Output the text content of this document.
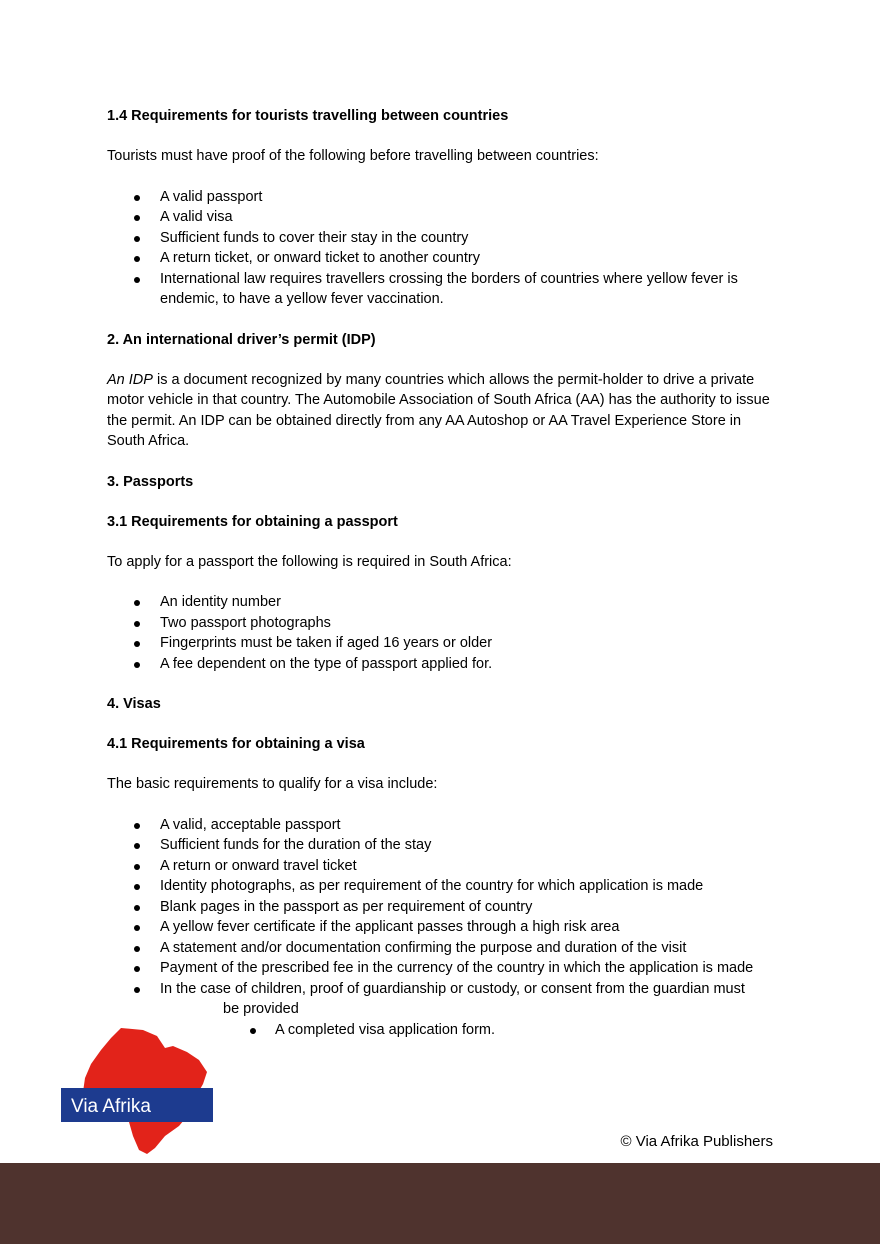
1.4 Requirements for tourists travelling between countries

Tourists must have proof of the following before travelling between countries:

A valid passport
A valid visa
Sufficient funds to cover their stay in the country
A return ticket, or onward ticket to another country
International law requires travellers crossing the borders of countries where yellow fever is endemic, to have a yellow fever vaccination.
2. An international driver’s permit (IDP)

An IDP is a document recognized by many countries which allows the permit-holder to drive a private motor vehicle in that country. The Automobile Association of South Africa (AA) has the authority to issue the permit. An IDP can be obtained directly from any AA Autoshop or AA Travel Experience Store in South Africa.

3. Passports
3.1 Requirements for obtaining a passport

To apply for a passport the following is required in South Africa:

An identity number
Two passport photographs
Fingerprints must be taken if aged 16 years or older
A fee dependent on the type of passport applied for.
4. Visas
4.1 Requirements for obtaining a visa

The basic requirements to qualify for a visa include:

A valid, acceptable passport
Sufficient funds for the duration of the stay
A return or onward travel ticket
Identity photographs, as per requirement of the country for which application is made
Blank pages in the passport as per requirement of country
A yellow fever certificate if the applicant passes through a high risk area
A statement and/or documentation confirming the purpose and duration of the visit
Payment of the prescribed fee in the currency of the country in which the application is made
In the case of children, proof of guardianship or custody, or consent from the guardian must
be provided
A completed visa application form.
Via Afrika
© Via Afrika Publishers
